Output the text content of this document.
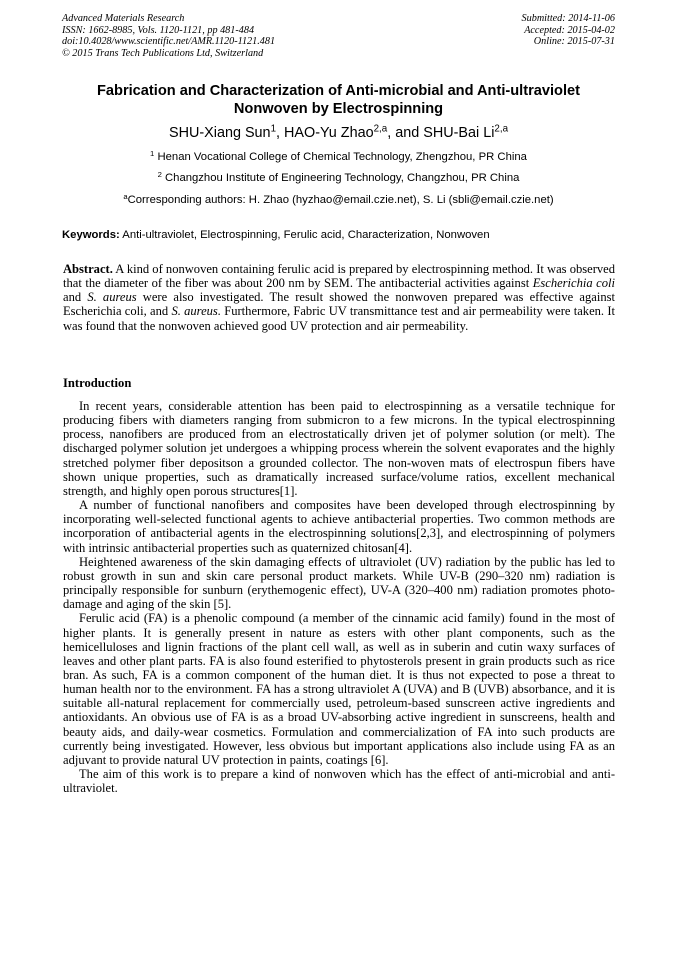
Advanced Materials Research
ISSN: 1662-8985, Vols. 1120-1121, pp 481-484
doi:10.4028/www.scientific.net/AMR.1120-1121.481
© 2015 Trans Tech Publications Ltd, Switzerland
Submitted: 2014-11-06
Accepted: 2015-04-02
Online: 2015-07-31
Fabrication and Characterization of Anti-microbial and Anti-ultraviolet
Nonwoven by Electrospinning
SHU-Xiang Sun$^1$, HAO-Yu Zhao$^{2,a}$, and SHU-Bai Li$^{2,a}$
$^1$ Henan Vocational College of Chemical Technology, Zhengzhou, PR China
$^2$ Changzhou Institute of Engineering Technology, Changzhou, PR China
$^a$Corresponding authors: H. Zhao (hyzhao@email.czie.net), S. Li (sbli@email.czie.net)
Keywords: Anti-ultraviolet, Electrospinning, Ferulic acid, Characterization, Nonwoven

Abstract. A kind of nonwoven containing ferulic acid is prepared by electrospinning method. It was observed that the diameter of the fiber was about 200 nm by SEM. The antibacterial activities against Escherichia coli and S. aureus were also investigated. The result showed the nonwoven prepared was effective against Escherichia coli, and S. aureus. Furthermore, Fabric UV transmittance test and air permeability were taken. It was found that the nonwoven achieved good UV protection and air permeability.

Introduction

In recent years, considerable attention has been paid to electrospinning as a versatile technique for producing fibers with diameters ranging from submicron to a few microns. In the typical electrospinning process, nanofibers are produced from an electrostatically driven jet of polymer solution (or melt). The discharged polymer solution jet undergoes a whipping process wherein the solvent evaporates and the highly stretched polymer fiber depositson a grounded collector. The non-woven mats of electrospun fibers have shown unique properties, such as dramatically increased surface/volume ratios, excellent mechanical strength, and highly open porous structures[1].

A number of functional nanofibers and composites have been developed through electrospinning by incorporating well-selected functional agents to achieve antibacterial properties. Two common methods are incorporation of antibacterial agents in the electrospinning solutions[2,3], and electrospinning of polymers with intrinsic antibacterial properties such as quaternized chitosan[4].

Heightened awareness of the skin damaging effects of ultraviolet (UV) radiation by the public has led to robust growth in sun and skin care personal product markets. While UV-B (290–320 nm) radiation is principally responsible for sunburn (erythemogenic effect), UV-A (320–400 nm) radiation promotes photo-damage and aging of the skin [5].

Ferulic acid (FA) is a phenolic compound (a member of the cinnamic acid family) found in the most of higher plants. It is generally present in nature as esters with other plant components, such as the hemicelluloses and lignin fractions of the plant cell wall, as well as in suberin and cutin waxy surfaces of leaves and other plant parts. FA is also found esterified to phytosterols present in grain products such as rice bran. As such, FA is a common component of the human diet. It is thus not expected to pose a threat to human health nor to the environment. FA has a strong ultraviolet A (UVA) and B (UVB) absorbance, and it is suitable all-natural replacement for commercially used, petroleum-based sunscreen active ingredients and antioxidants. An obvious use of FA is as a broad UV-absorbing active ingredient in sunscreens, health and beauty aids, and daily-wear cosmetics. Formulation and commercialization of FA into such products are currently being investigated. However, less obvious but important applications also include using FA as an adjuvant to provide natural UV protection in paints, coatings [6].

The aim of this work is to prepare a kind of nonwoven which has the effect of anti-microbial and anti-ultraviolet.
